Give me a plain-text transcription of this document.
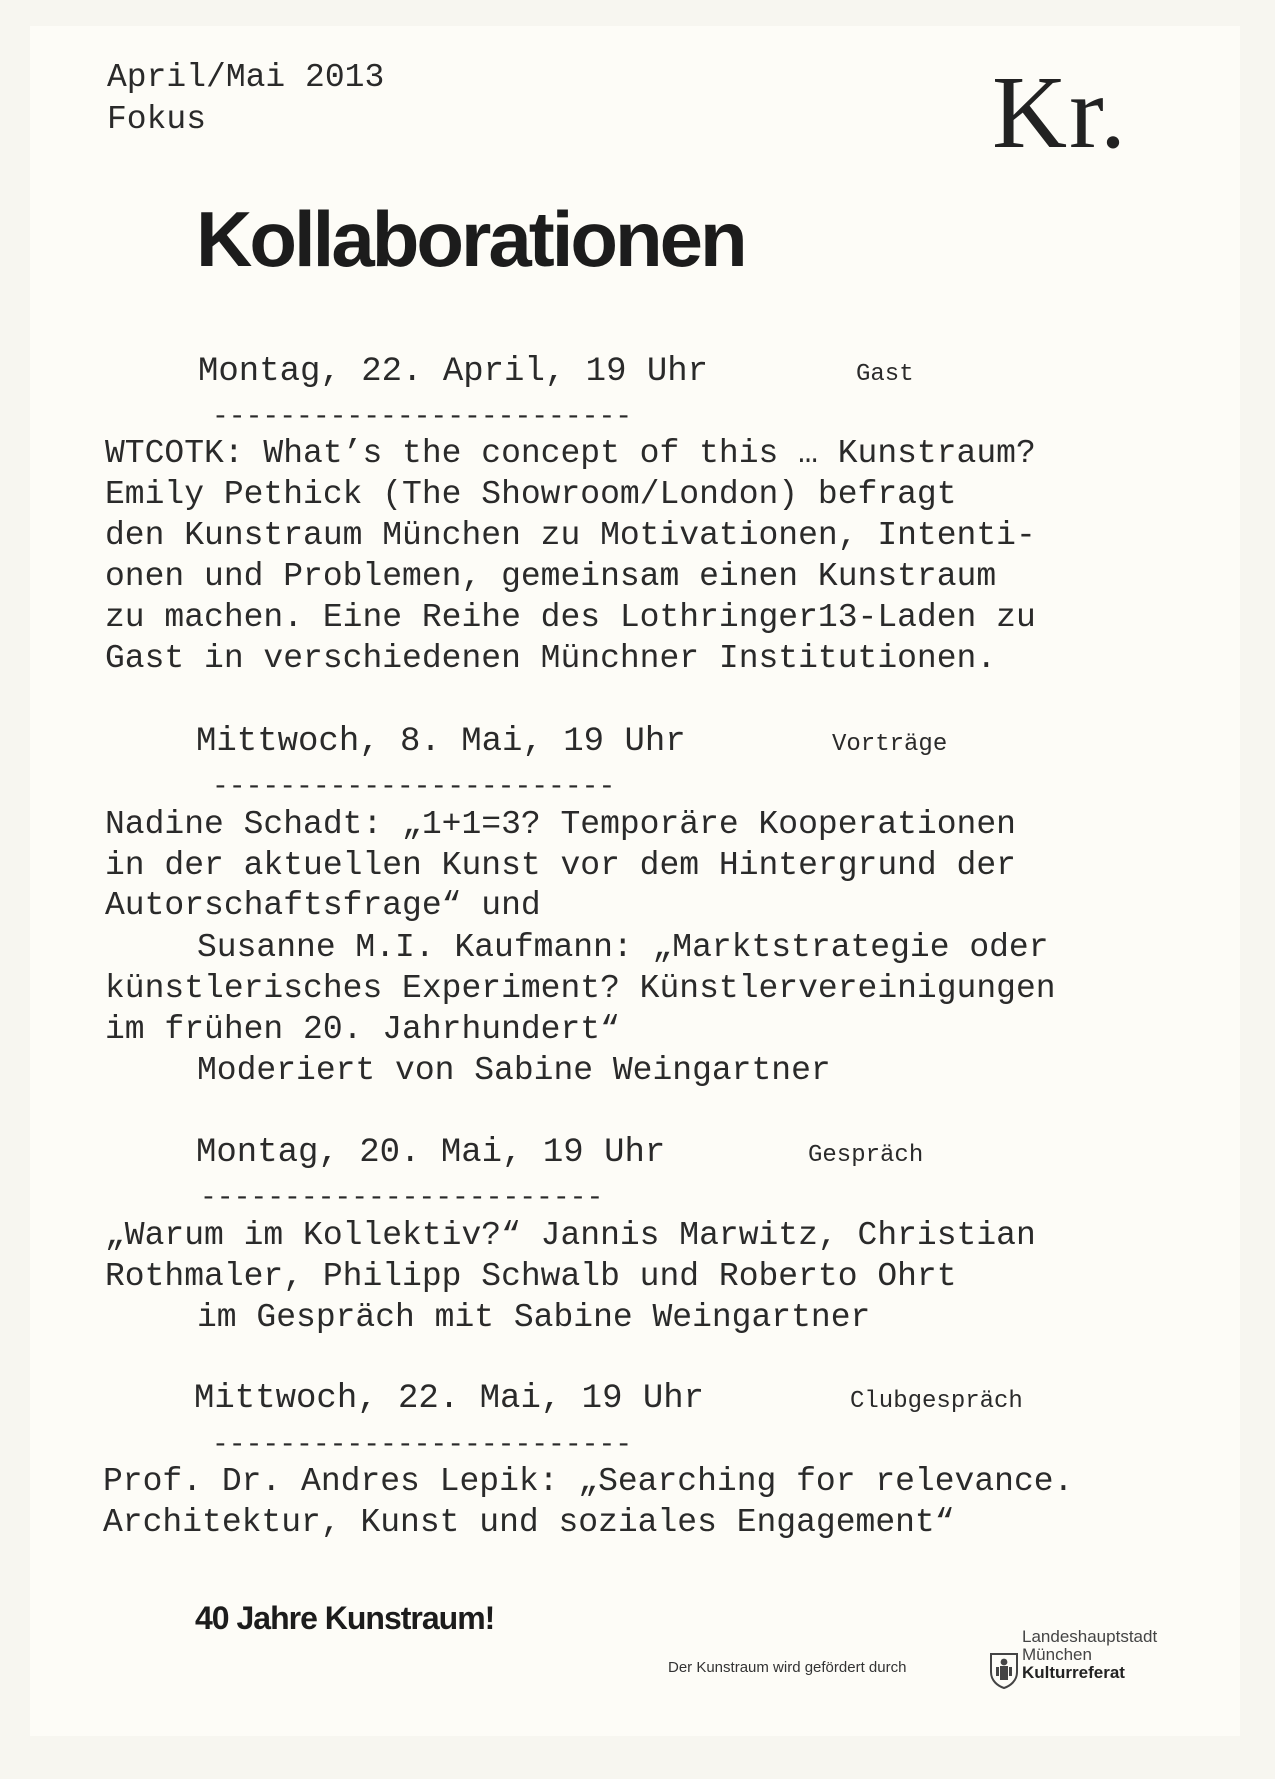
April/Mai 2013
Fokus	Kr.
Kollaborationen
Montag, 22. April, 19 Uhr	Gast
-------------------------
WTCOTK: What’s the concept of this … Kunstraum?
Emily Pethick (The Showroom/London) befragt
den Kunstraum München zu Motivationen, Intenti-
onen und Problemen, gemeinsam einen Kunstraum
zu machen. Eine Reihe des Lothringer13-Laden zu
Gast in verschiedenen Münchner Institutionen.
Mittwoch, 8. Mai, 19 Uhr	Vorträge
------------------------
Nadine Schadt: „1+1=3? Temporäre Kooperationen
in der aktuellen Kunst vor dem Hintergrund der
Autorschaftsfrage“ und
Susanne M.I. Kaufmann: „Marktstrategie oder
künstlerisches Experiment? Künstlervereinigungen
im frühen 20. Jahrhundert“
Moderiert von Sabine Weingartner
Montag, 20. Mai, 19 Uhr	Gespräch
------------------------
„Warum im Kollektiv?“ Jannis Marwitz, Christian
Rothmaler, Philipp Schwalb und Roberto Ohrt
im Gespräch mit Sabine Weingartner
Mittwoch, 22. Mai, 19 Uhr	Clubgespräch
-------------------------
Prof. Dr. Andres Lepik: „Searching for relevance.
Architektur, Kunst und soziales Engagement“
40 Jahre Kunstraum!
Der Kunstraum wird gefördert durch

Landeshauptstadt
München
Kulturreferat
